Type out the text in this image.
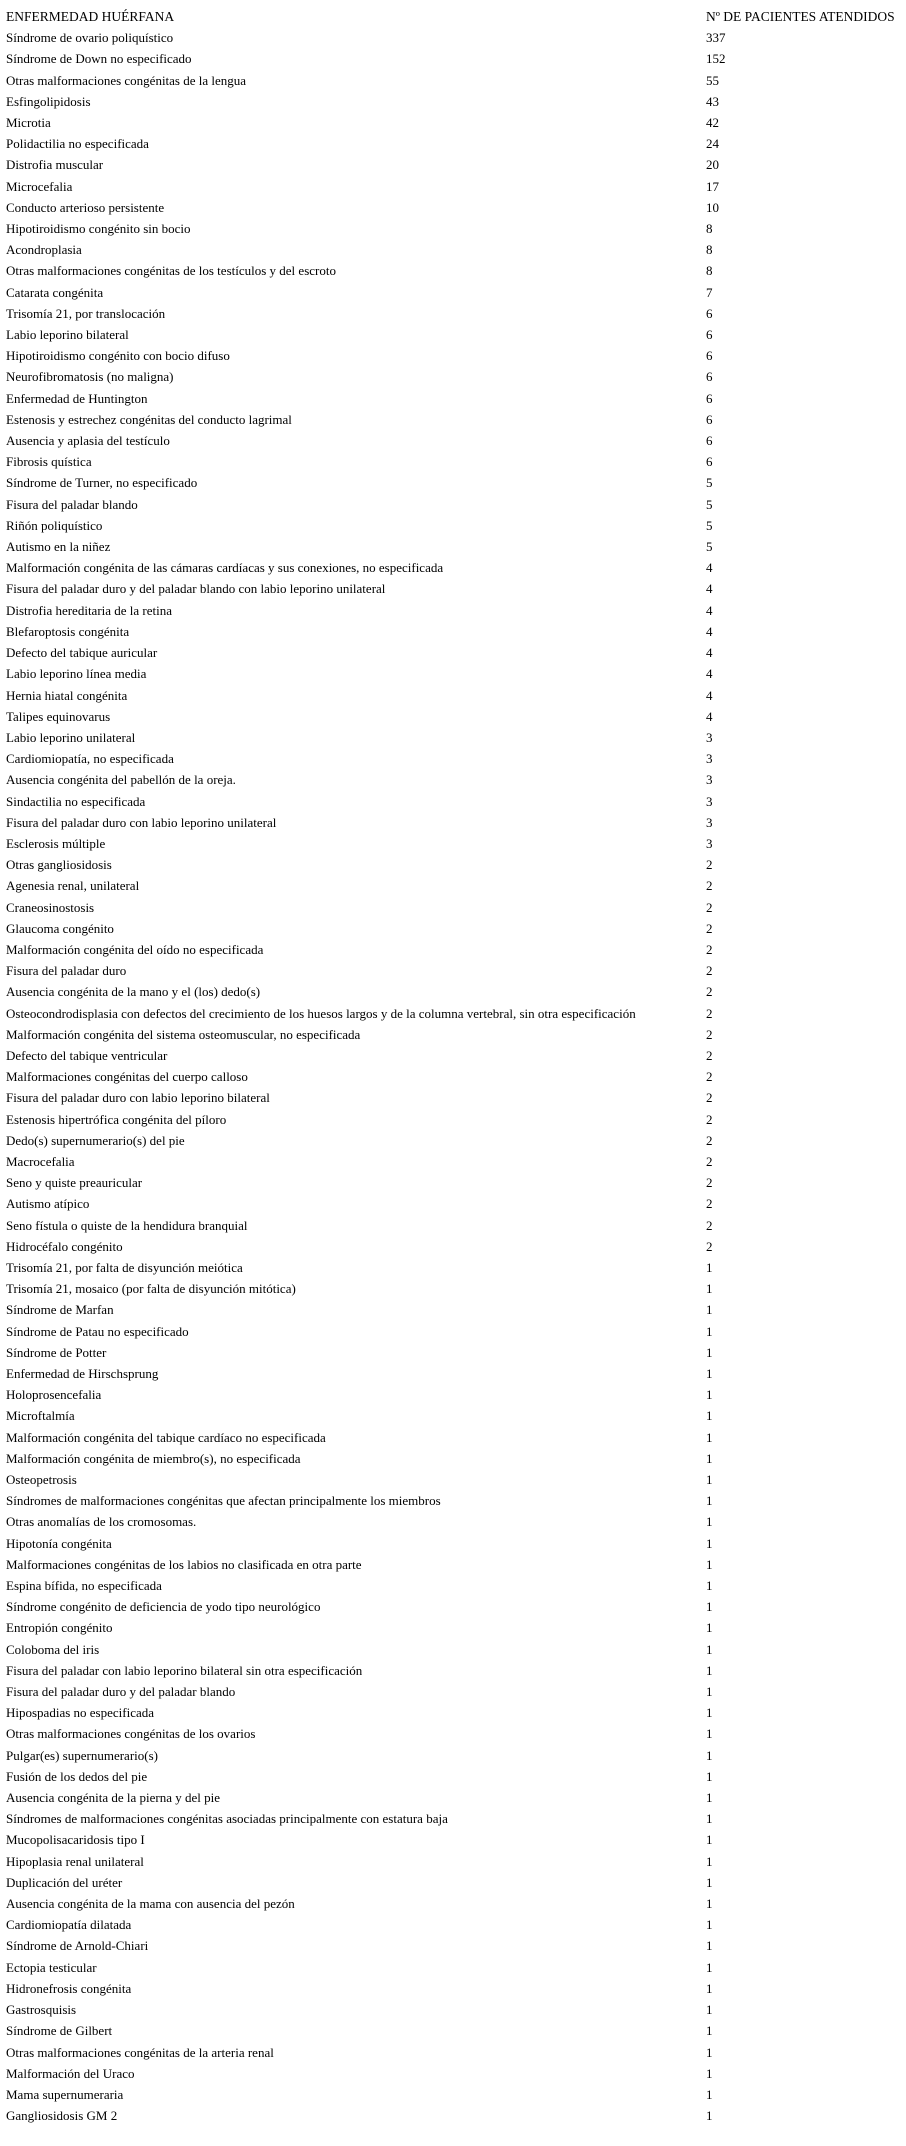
ENFERMEDAD HUÉRFANA	Nº DE PACIENTES ATENDIDOS
Síndrome de ovario poliquístico	337
Síndrome de Down no especificado	152
Otras malformaciones congénitas de la lengua	55
Esfingolipidosis	43
Microtia	42
Polidactilia no especificada	24
Distrofia muscular	20
Microcefalia	17
Conducto arterioso persistente	10
Hipotiroidismo congénito sin bocio	8
Acondroplasia	8
Otras malformaciones congénitas de los testículos y del escroto	8
Catarata congénita	7
Trisomía 21, por translocación	6
Labio leporino bilateral	6
Hipotiroidismo congénito con bocio difuso	6
Neurofibromatosis (no maligna)	6
Enfermedad de Huntington	6
Estenosis y estrechez congénitas del conducto lagrimal	6
Ausencia y aplasia del testículo	6
Fibrosis quística	6
Síndrome de Turner, no especificado	5
Fisura del paladar blando	5
Riñón poliquístico	5
Autismo en la niñez	5
Malformación congénita de las cámaras cardíacas y sus conexiones, no especificada	4
Fisura del paladar duro y del paladar blando con labio leporino unilateral	4
Distrofia hereditaria de la retina	4
Blefaroptosis congénita	4
Defecto del tabique auricular	4
Labio leporino línea media	4
Hernia hiatal congénita	4
Talipes equinovarus	4
Labio leporino unilateral	3
Cardiomiopatía, no especificada	3
Ausencia congénita del pabellón de la oreja.	3
Sindactilia no especificada	3
Fisura del paladar duro con labio leporino unilateral	3
Esclerosis múltiple	3
Otras gangliosidosis	2
Agenesia renal, unilateral	2
Craneosinostosis	2
Glaucoma congénito	2
Malformación congénita del oído no especificada	2
Fisura del paladar duro	2
Ausencia congénita de la mano y el (los) dedo(s)	2
Osteocondrodisplasia con defectos del crecimiento de los huesos largos y de la columna vertebral, sin otra especificación	2
Malformación congénita del sistema osteomuscular, no especificada	2
Defecto del tabique ventricular	2
Malformaciones congénitas del cuerpo calloso	2
Fisura del paladar duro con labio leporino bilateral	2
Estenosis hipertrófica congénita del píloro	2
Dedo(s) supernumerario(s) del pie	2
Macrocefalia	2
Seno y quiste preauricular	2
Autismo atípico	2
Seno fístula o quiste de la hendidura branquial	2
Hidrocéfalo congénito	2
Trisomía 21, por falta de disyunción meiótica	1
Trisomía 21, mosaico (por falta de disyunción mitótica)	1
Síndrome de Marfan	1
Síndrome de Patau no especificado	1
Síndrome de Potter	1
Enfermedad de Hirschsprung	1
Holoprosencefalia	1
Microftalmía	1
Malformación congénita del tabique cardíaco no especificada	1
Malformación congénita de miembro(s), no especificada	1
Osteopetrosis	1
Síndromes de malformaciones congénitas que afectan principalmente los miembros	1
Otras anomalías de los cromosomas.	1
Hipotonía congénita	1
Malformaciones congénitas de los labios no clasificada en otra parte	1
Espina bífida, no especificada	1
Síndrome congénito de deficiencia de yodo tipo neurológico	1
Entropión congénito	1
Coloboma del iris	1
Fisura del paladar con labio leporino bilateral sin otra especificación	1
Fisura del paladar duro y del paladar blando	1
Hipospadias no especificada	1
Otras malformaciones congénitas de los ovarios	1
Pulgar(es) supernumerario(s)	1
Fusión de los dedos del pie	1
Ausencia congénita de la pierna y del pie	1
Síndromes de malformaciones congénitas asociadas principalmente con estatura baja	1
Mucopolisacaridosis tipo I	1
Hipoplasia renal unilateral	1
Duplicación del uréter	1
Ausencia congénita de la mama con ausencia del pezón	1
Cardiomiopatía dilatada	1
Síndrome de Arnold-Chiari	1
Ectopia testicular	1
Hidronefrosis congénita	1
Gastrosquisis	1
Síndrome de Gilbert	1
Otras malformaciones congénitas de la arteria renal	1
Malformación del Uraco	1
Mama supernumeraria	1
Gangliosidosis GM 2	1
